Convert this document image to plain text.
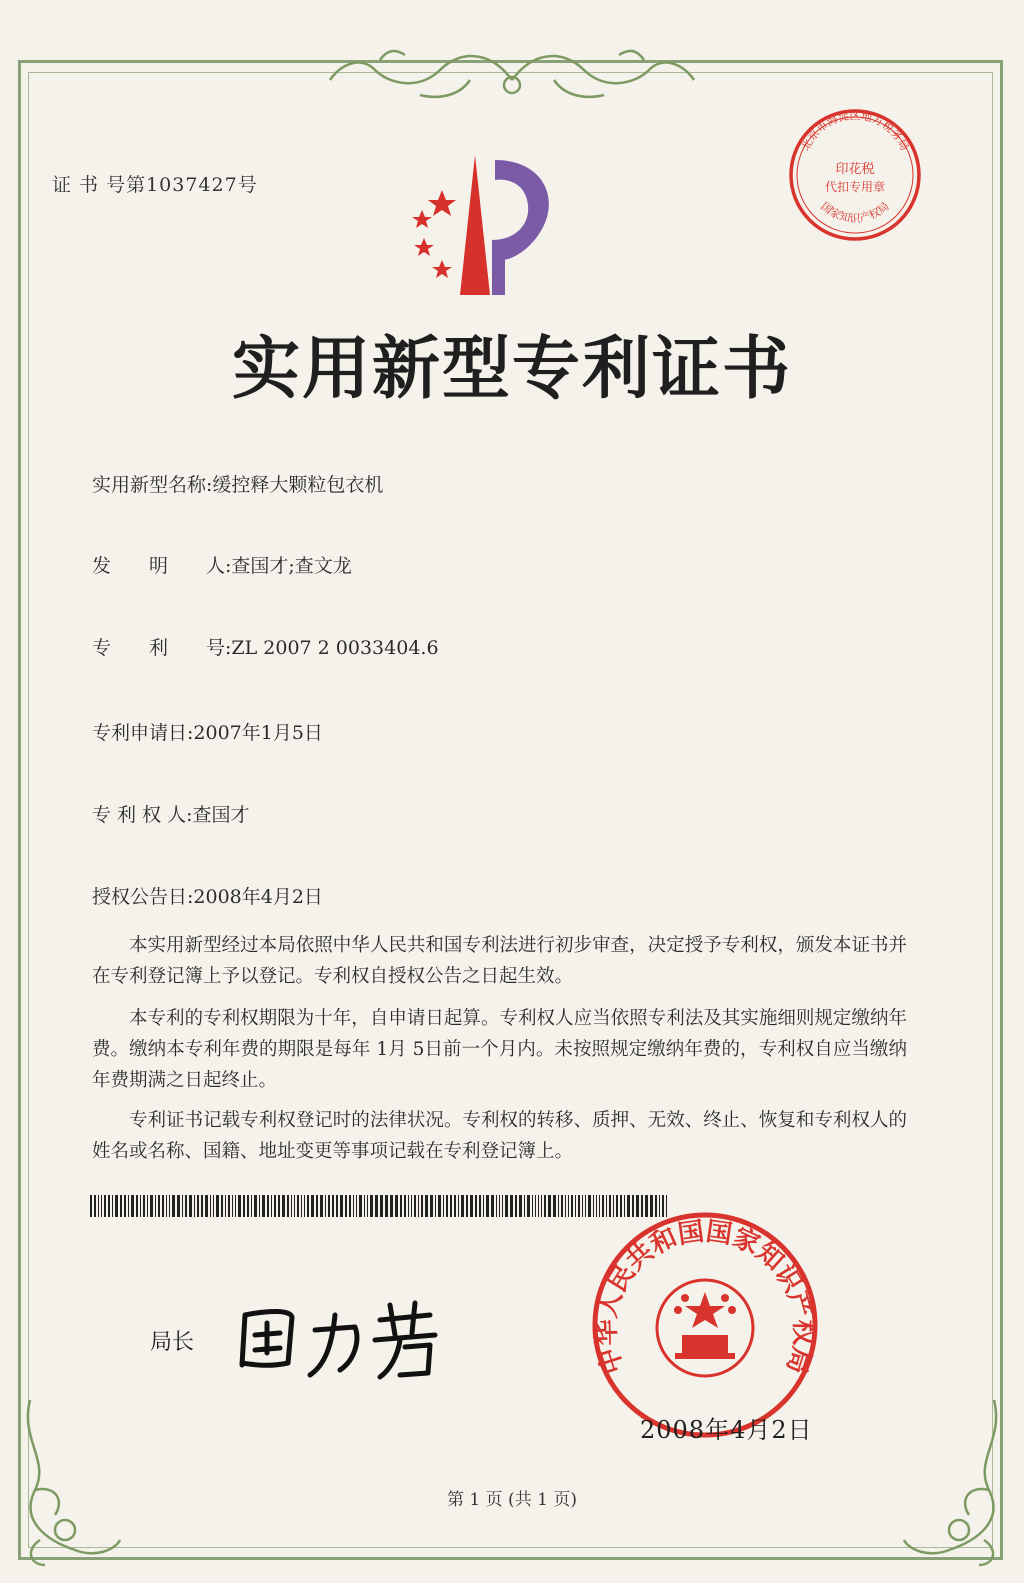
证 书 号第1037427号
北京市海淀区地方税务局
国家知识产权局
印花税
代扣专用章
实用新型专利证书
实用新型名称:缓控释大颗粒包衣机
发　　明　　人:查国才;查文龙
专　　利　　号:ZL 2007 2 0033404.6
专利申请日:2007年1月5日
专 利 权 人:查国才
授权公告日:2008年4月2日
本实用新型经过本局依照中华人民共和国专利法进行初步审查，决定授予专利权，颁发本证书并在专利登记簿上予以登记。专利权自授权公告之日起生效。
本专利的专利权期限为十年，自申请日起算。专利权人应当依照专利法及其实施细则规定缴纳年费。缴纳本专利年费的期限是每年 1月 5日前一个月内。未按照规定缴纳年费的，专利权自应当缴纳年费期满之日起终止。
专利证书记载专利权登记时的法律状况。专利权的转移、质押、无效、终止、恢复和专利权人的姓名或名称、国籍、地址变更等事项记载在专利登记簿上。
局长
中华人民共和国国家知识产权局
2008年4月2日
第 1 页 (共 1 页)
